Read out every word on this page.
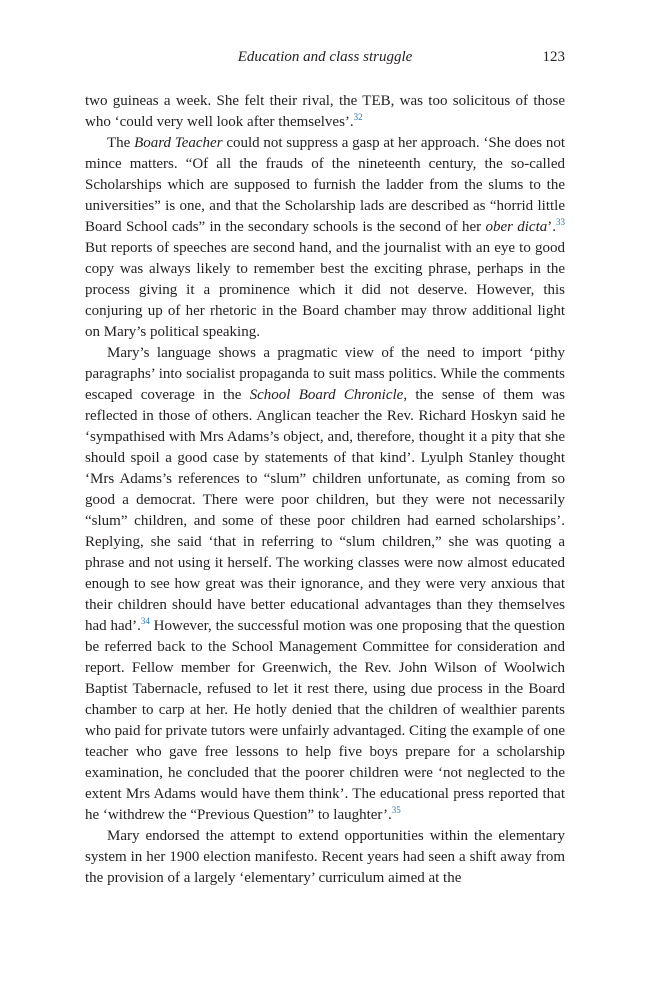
Education and class struggle	123

two guineas a week. She felt their rival, the TEB, was too solicitous of those who ‘could very well look after themselves’.$^{32}$

The Board Teacher could not suppress a gasp at her approach. ‘She does not mince matters. “Of all the frauds of the nineteenth century, the so-called Scholarships which are supposed to furnish the ladder from the slums to the universities” is one, and that the Scholarship lads are described as “horrid little Board School cads” in the secondary schools is the second of her ober dicta’.$^{33}$ But reports of speeches are second hand, and the journalist with an eye to good copy was always likely to remember best the exciting phrase, perhaps in the process giving it a prominence which it did not deserve. However, this conjuring up of her rhetoric in the Board chamber may throw additional light on Mary’s political speaking.

Mary’s language shows a pragmatic view of the need to import ‘pithy paragraphs’ into socialist propaganda to suit mass politics. While the comments escaped coverage in the School Board Chronicle, the sense of them was reflected in those of others. Anglican teacher the Rev. Richard Hoskyn said he ‘sympathised with Mrs Adams’s object, and, therefore, thought it a pity that she should spoil a good case by statements of that kind’. Lyulph Stanley thought ‘Mrs Adams’s references to “slum” children unfortunate, as coming from so good a democrat. There were poor children, but they were not necessarily “slum” children, and some of these poor children had earned scholarships’. Replying, she said ‘that in referring to “slum children,” she was quoting a phrase and not using it herself. The working classes were now almost educated enough to see how great was their ignorance, and they were very anxious that their children should have better educational advantages than they themselves had had’.$^{34}$ However, the successful motion was one proposing that the question be referred back to the School Management Committee for consideration and report. Fellow member for Greenwich, the Rev. John Wilson of Woolwich Baptist Tabernacle, refused to let it rest there, using due process in the Board chamber to carp at her. He hotly denied that the children of wealthier parents who paid for private tutors were unfairly advantaged. Citing the example of one teacher who gave free lessons to help five boys prepare for a scholarship examination, he concluded that the poorer children were ‘not neglected to the extent Mrs Adams would have them think’. The educational press reported that he ‘withdrew the “Previous Question” to laughter’.$^{35}$

Mary endorsed the attempt to extend opportunities within the elementary system in her 1900 election manifesto. Recent years had seen a shift away from the provision of a largely ‘elementary’ curriculum aimed at the
